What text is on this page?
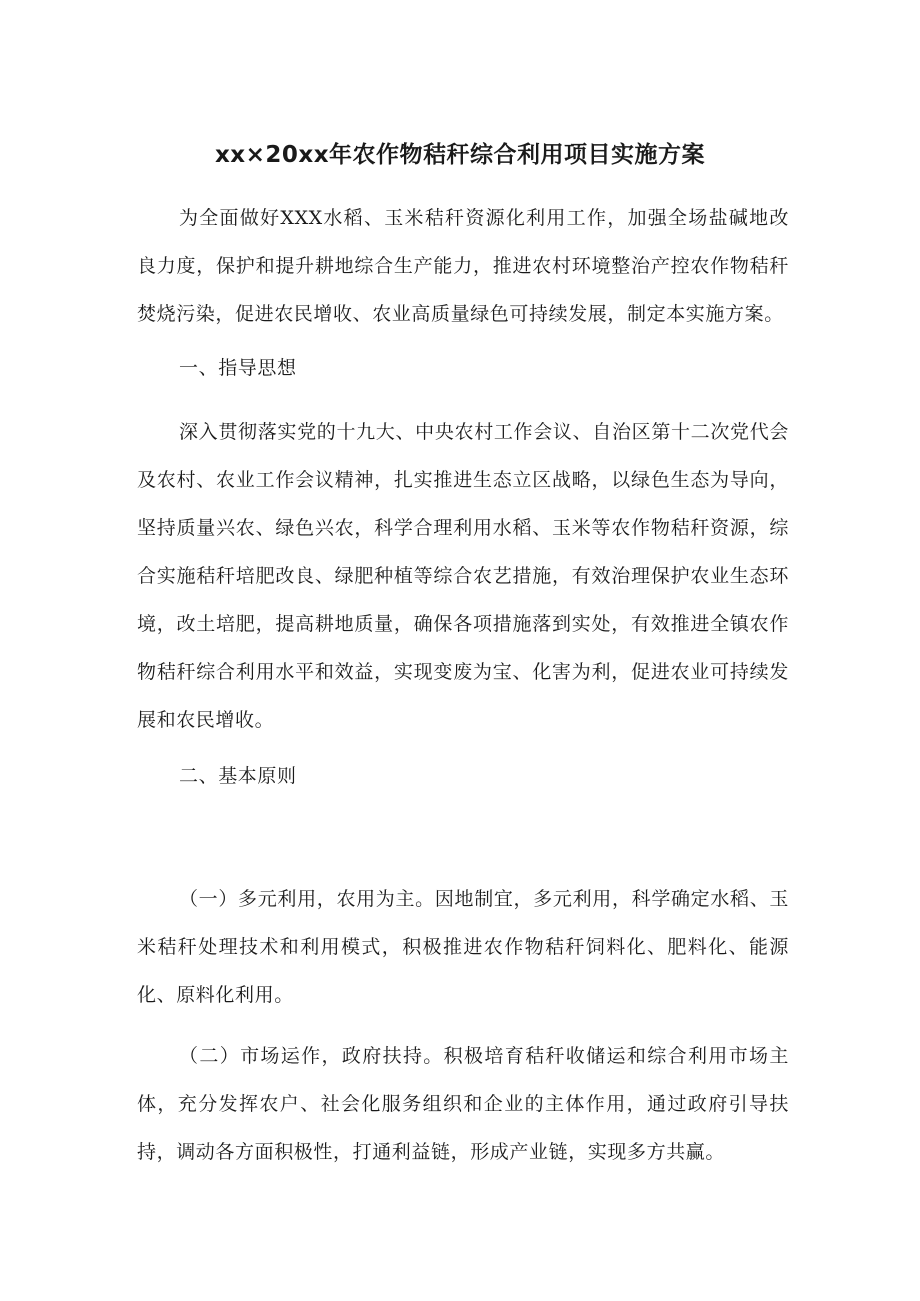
xx×20xx年农作物秸秆综合利用项目实施方案

为全面做好XXX水稻、玉米秸秆资源化利用工作，加强全场盐碱地改良力度，保护和提升耕地综合生产能力，推进农村环境整治产控农作物秸秆焚烧污染，促进农民增收、农业高质量绿色可持续发展，制定本实施方案。

一、指导思想

深入贯彻落实党的十九大、中央农村工作会议、自治区第十二次党代会及农村、农业工作会议精神，扎实推进生态立区战略，以绿色生态为导向，坚持质量兴农、绿色兴农，科学合理利用水稻、玉米等农作物秸秆资源，综合实施秸秆培肥改良、绿肥种植等综合农艺措施，有效治理保护农业生态环境，改土培肥，提高耕地质量，确保各项措施落到实处，有效推进全镇农作物秸秆综合利用水平和效益，实现变废为宝、化害为利，促进农业可持续发展和农民增收。

二、基本原则

（一）多元利用，农用为主。因地制宜，多元利用，科学确定水稻、玉米秸秆处理技术和利用模式，积极推进农作物秸秆饲料化、肥料化、能源化、原料化利用。

（二）市场运作，政府扶持。积极培育秸秆收储运和综合利用市场主体，充分发挥农户、社会化服务组织和企业的主体作用，通过政府引导扶持，调动各方面积极性，打通利益链，形成产业链，实现多方共赢。
